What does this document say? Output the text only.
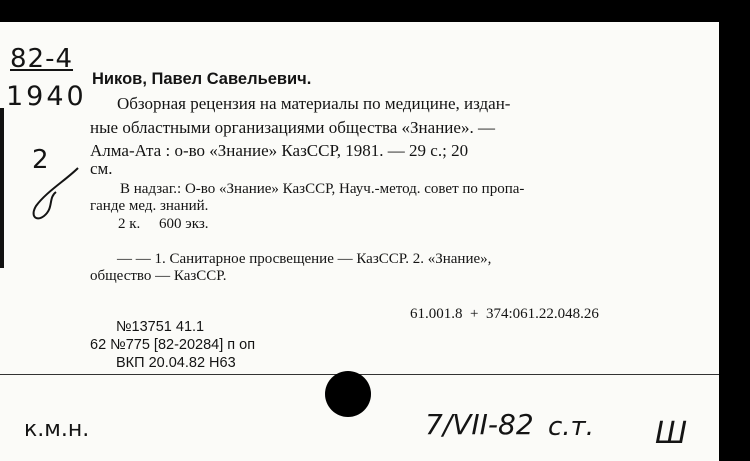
82-4
1940
2

Ников, Павел Савельевич.

Обзорная рецензия на материалы по медицине, издан-

ные областными организациями общества «Знание». —

Алма-Ата : о-во «Знание» КазССР, 1981. — 29 с.; 20

см.

В надзаг.: О-во «Знание» КазССР, Науч.-метод. совет по пропа-

ганде мед. знаний.

2 к.     600 экз.

— — 1. Санитарное просвещение — КазССР. 2. «Знание»,

общество — КазССР.

61.001.8  +  374:061.22.048.26

№13751 41.1

62 №775 [82-20284] п оп

ВКП 20.04.82 Н63

к.м.н.	7/VII-82 с.т. Ш
